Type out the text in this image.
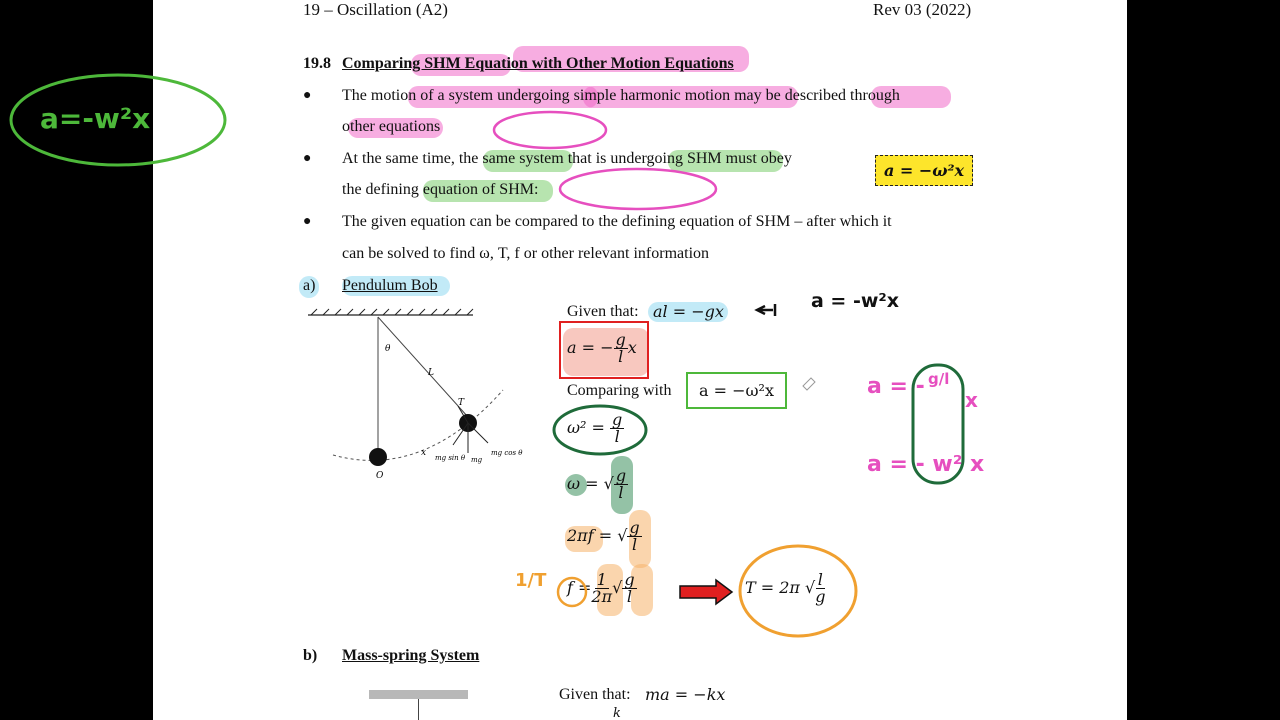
19 – Oscillation (A2)	Rev 03 (2022)
19.8 Comparing SHM Equation with Other Motion Equations
● The motion of a system undergoing simple harmonic motion may be described through
other equations
● At the same time, the same system that is undergoing SHM must obey
the defining equation of SHM:
● The given equation can be compared to the defining equation of SHM – after which it
can be solved to find ω, T, f or other relevant information
a = −ω²x
a) Pendulum Bob
θ
L
T
x
O
mg sin θ mg
mg cos θ
Given that: al = −gx
a = − $\frac{g}{l}$ x
Comparing with	a = −ω²x
$\omega^2 = \frac{g}{l}$
ω = √ $\frac{g}{l}$
2πf = √ $\frac{g}{l}$
$f = \frac{1}{2\pi}$ √ $\frac{g}{l}$	T = 2π √ $\frac{l}{g}$
b) Mass-spring System
Given that: ma = −kx
k
a = -w²x
a = - g/l
x
a = - w² x
1/T
a=-w²x
